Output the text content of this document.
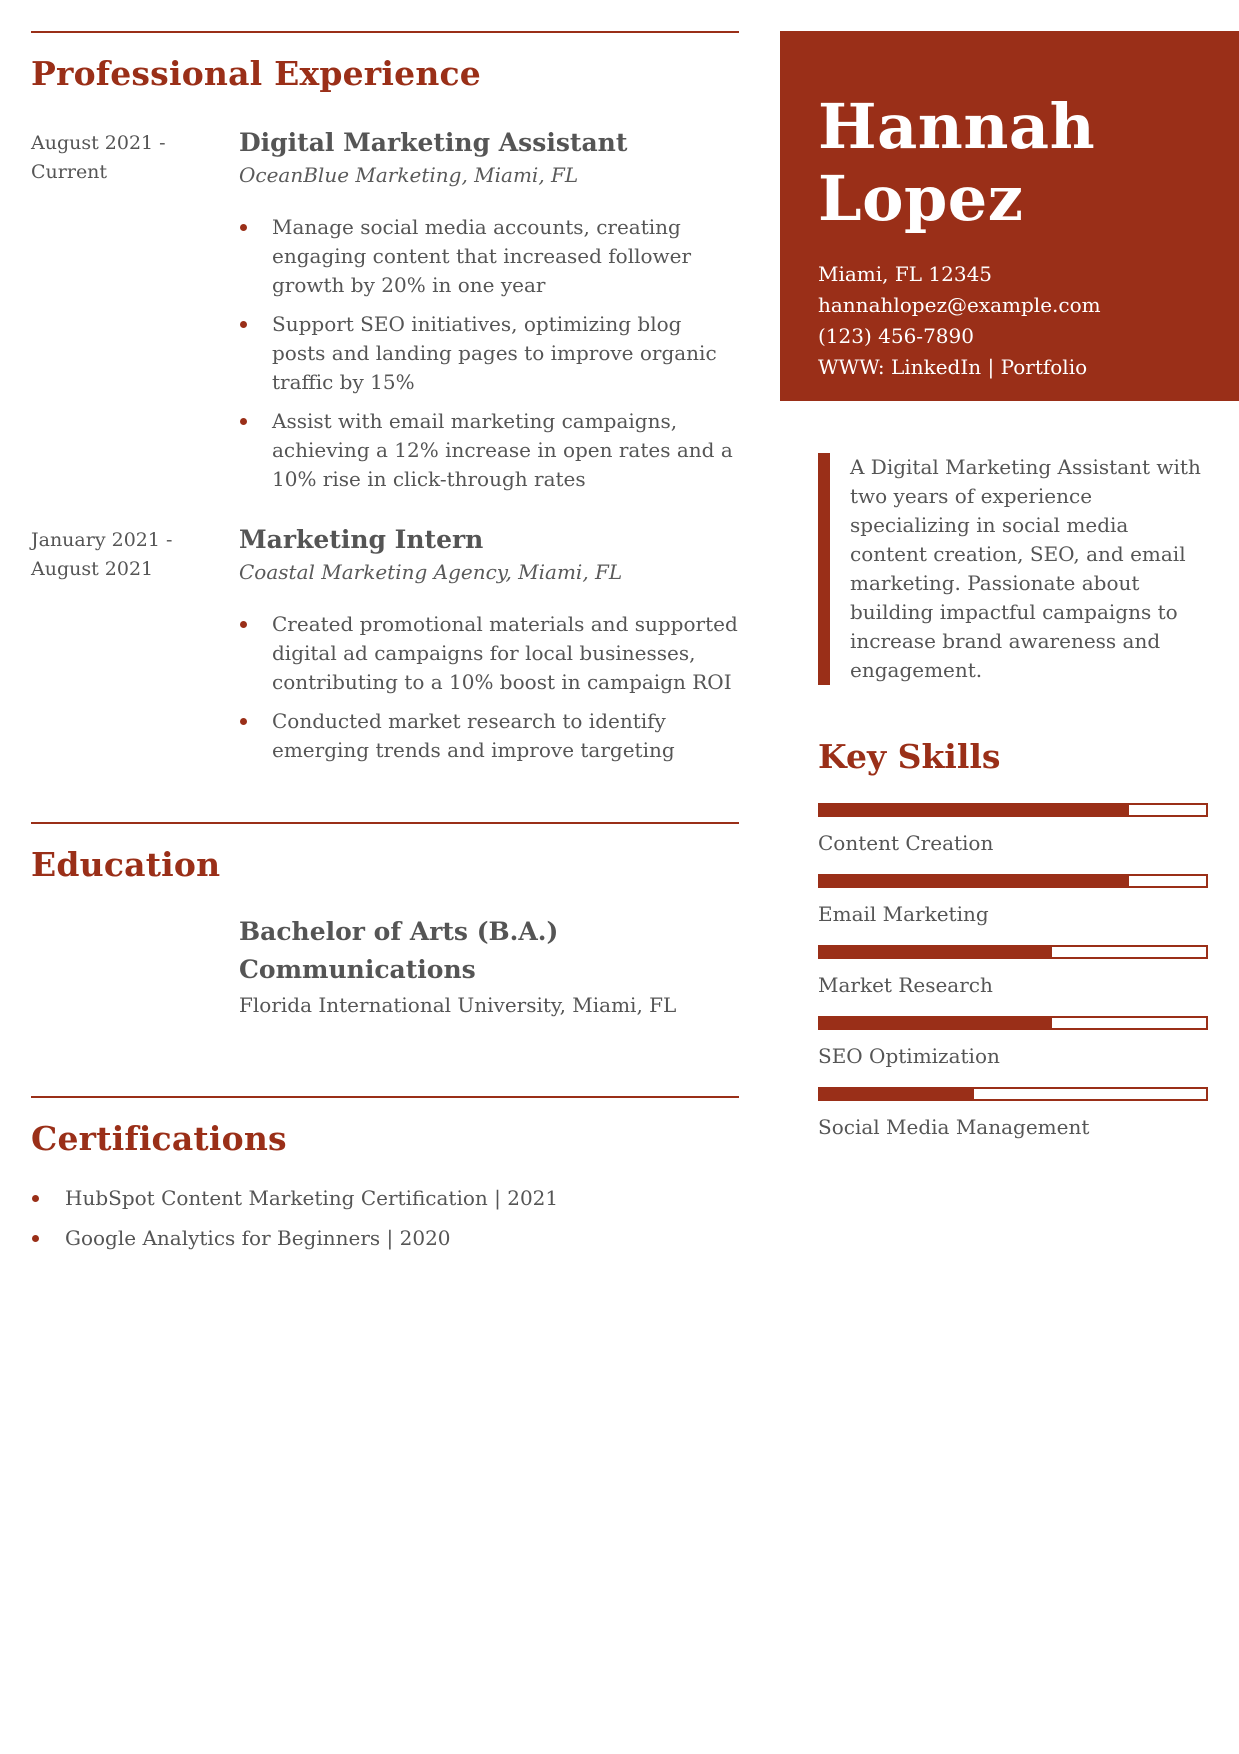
Professional Experience
August 2021 - Current
Digital Marketing Assistant
OceanBlue Marketing, Miami, FL
Manage social media accounts, creating engaging content that increased follower growth by 20% in one year
Support SEO initiatives, optimizing blog posts and landing pages to improve organic traffic by 15%
Assist with email marketing campaigns, achieving a 12% increase in open rates and a 10% rise in click-through rates
January 2021 - August 2021
Marketing Intern
Coastal Marketing Agency, Miami, FL
Created promotional materials and supported digital ad campaigns for local businesses, contributing to a 10% boost in campaign ROI
Conducted market research to identify emerging trends and improve targeting
Education
Bachelor of Arts (B.A.)
Communications
Florida International University, Miami, FL
Certifications
HubSpot Content Marketing Certification | 2021
Google Analytics for Beginners | 2020
Hannah
Lopez
Miami, FL 12345
hannahlopez@example.com
(123) 456-7890
WWW: LinkedIn | Portfolio
A Digital Marketing Assistant with two years of experience specializing in social media content creation, SEO, and email marketing. Passionate about building impactful campaigns to increase brand awareness and engagement.
Key Skills
Content Creation
Email Marketing
Market Research
SEO Optimization
Social Media Management
